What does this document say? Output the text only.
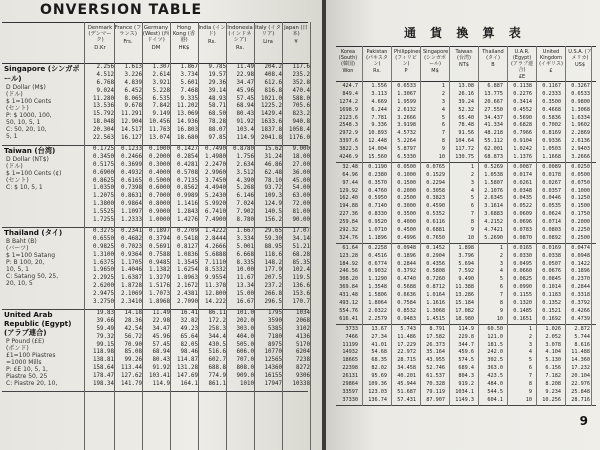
ONVERSION TABLE
Denmark (デンマーク)
D.Kr
France (フランス)
Frs.
Germany (West) (西ドイツ)
DM
Hong Kong (香港)
HK$
India (インド)
Rs.
Indonesia (インドネシア)
Rs.
Italy (イタリア)
Lira
Japan (日本)
¥
Singapore (シンガポール)
D Dollar (M$)
(ドル)
$ 1=100 Cents
(セント)
P: $ 1000, 100,
50, 10, 5, 1
C: 50, 20, 10,
5, 1
2.256	1.613	1.307	1.867	9.785	11.49	204.2	117.6
4.512	3.226	2.614	3.734	19.57	22.98	408.4	235.2
6.768	4.839	3.921	5.601	29.36	34.47	612.6	352.8
9.024	6.452	5.228	7.468	39.14	45.96	816.8	470.4
11.280	8.065	6.535	9.335	48.93	57.45	1021.0	588.0
13.536	9.678	7.842	11.202	58.71	68.94	1225.2	705.6
15.792	11.291	9.149	13.069	68.50	80.43	1429.4	823.2
18.048	12.904	10.456	14.936	78.28	91.92	1633.6	940.8
20.304	14.517	11.763	16.803	88.07	103.4	1837.8	1058.4
22.563	16.127	13.074	18.680	97.85	114.9	2041.8	1176.0
Taiwan (台湾)
D Dollar (NT$)
(ドル)
$ 1=100 Cents (¢)
(セント)
C: $ 10, 5, 1
0.1725	0.1233	0.1000	0.1427	0.7490	0.8780	15.62	9.000
0.3450	0.2466	0.2000	0.2854	1.4980	1.756	31.24	18.00
0.5175	0.3699	0.3000	0.4281	2.2470	2.634	46.86	27.00
0.6900	0.4932	0.4000	0.5708	2.9960	3.512	62.48	36.00
0.8625	0.6165	0.5000	0.7135	3.7450	4.390	78.10	45.00
1.0350	0.7398	0.6000	0.8562	4.4940	5.268	93.72	54.00
1.2075	0.8631	0.7000	0.9989	5.2430	6.146	109.3	63.00
1.3800	0.9864	0.8000	1.1416	5.9920	7.024	124.9	72.00
1.5525	1.1097	0.9000	1.2843	6.7410	7.902	140.5	81.00
1.7255	1.2333	1.0000	1.4276	7.4900	8.780	156.2	90.00
Thailand (タイ)
B Baht (B)
(バーツ)
$ 1=100 Satang
P: B 100, 20,
10, 5, 1
C: Satang 50, 25,
20, 10, 5
0.3275	0.2341	0.1897	0.2709	1.4222	1.667	29.65	17.07
0.6550	0.4682	0.3794	0.5418	2.8444	3.334	59.30	34.14
0.9825	0.7023	0.5691	0.8127	4.2666	5.001	88.95	51.21
1.3100	0.9364	0.7588	1.0836	5.6888	6.668	118.6	68.28
1.6375	1.1705	0.9485	1.3545	7.1110	8.335	148.2	85.35
1.9650	1.4046	1.1382	1.6254	8.5332	10.00	177.9	102.4
2.2925	1.6387	1.3279	1.8963	9.9554	11.67	207.5	119.5
2.6200	1.8728	1.5176	2.1672	11.378	13.34	237.2	136.6
2.9475	2.1069	1.7073	2.4381	12.800	15.00	266.8	153.6
3.2750	2.3410	1.8968	2.7090	14.222	16.67	296.5	170.7
United Arab Republic (Egypt) (アラブ連合)
P Pound (£E)
(ポンド)
£1=100 Piastres
=1000 Mills
P: £E 10, 5, 1,
Piastre 50, 25
C: Piastre 20, 10,
19.83	14.18	11.49	16.41	86.11	101.0	1795	1034
39.66	28.36	22.98	32.82	172.2	202.0	3590	2068
59.49	42.54	34.47	49.23	258.3	303.0	5385	3102
79.32	56.72	45.96	65.64	344.4	404.0	7180	4136
99.15	70.90	57.45	82.05	430.5	505.0	8975	5170
118.98	85.08	68.94	98.46	516.6	606.0	10770	6204
138.81	99.26	80.43	114.87	602.7	707.0	12565	7238
158.64	113.44	91.92	131.28	688.8	808.0	14360	8272
178.47	127.62	103.41	147.69	774.9	909.0	16155	9306
198.34	141.79	114.9	164.1	861.1	1010	17947	10338
通 貨 換 算 表
Korea (South) (韓国)
Won
Pakistan (パキスタン)
Rs.
Philippines (フィリピン)
P
Singapore (シンガポール)
M$
Taiwan (台湾)
NT$
Thailand (タイ)
B
U.A.R. (Egypt) (アラブ連合)
£E
United Kingdom (イギリス)
£
U.S.A. (アメリカ)
US$
424.7	1.556	0.6533	1	13.08	6.887	0.1138	0.1167	0.3267
849.4	3.113	1.3067	2	26.16	13.775	0.2276	0.2333	0.6533
1274.2	4.669	1.9599	3	39.24	20.667	0.3414	0.3500	0.9800
1698.9	6.244	2.6132	4	52.32	27.550	0.4552	0.4668	1.3068
2123.6	7.781	3.2666	5	65.40	34.437	0.5690	0.5836	1.6334
2548.3	9.336	3.9198	6	78.48	41.334	0.6828	0.7002	1.9602
2972.9	10.893	4.5732	7	91.56	48.218	0.7966	0.8169	2.2869
3397.6	12.448	5.2264	8	104.64	55.112	0.9104	0.9336	2.6136
3822.3	14.004	5.8797	9	117.72	62.001	1.0242	1.0503	2.9403
4246.9	15.560	6.5330	10	130.75	68.873	1.1376	1.1668	3.2666
32.48	0.1190	0.0500	0.0765	1	0.5269	0.0087	0.0089	0.0250
64.96	0.2380	0.1000	0.1529	2	1.0538	0.0174	0.0178	0.0500
97.44	0.3570	0.1500	0.2294	3	1.5807	0.0261	0.0267	0.0750
129.92	0.4760	0.2000	0.3058	4	2.1076	0.0348	0.0357	0.1000
162.40	0.5950	0.2500	0.3823	5	2.6345	0.0435	0.0446	0.1250
194.88	0.7140	0.3000	0.4590	6	3.1614	0.0522	0.0535	0.1500
227.36	0.8330	0.3500	0.5352	7	3.6883	0.0609	0.0624	0.1750
259.84	0.9520	0.4000	0.6116	8	4.2152	0.0696	0.0714	0.2000
292.32	1.0710	0.4500	0.6881	9	4.7421	0.0783	0.0803	0.2250
324.76	1.1896	0.4996	0.7650	10	5.2690	0.0870	0.0892	0.2500
61.64	0.2258	0.0948	0.1452	1.898	1	0.0165	0.0169	0.0474
123.28	0.4516	0.1896	0.2904	3.796	2	0.0330	0.0338	0.0948
184.92	0.6774	0.2844	0.4356	5.694	3	0.0495	0.0507	0.1422
246.56	0.9032	0.3792	0.5808	7.592	4	0.0660	0.0676	0.1896
308.20	1.1290	0.4740	0.7260	9.490	5	0.0825	0.0845	0.2370
369.84	1.3548	0.5688	0.8712	11.388	6	0.0990	0.1014	0.2844
431.48	1.5806	0.6636	1.0164	13.286	7	0.1155	0.1183	0.3318
493.12	1.8064	0.7584	1.1616	15.184	8	0.1320	0.1352	0.3792
554.76	2.0322	0.8532	1.3068	17.082	9	0.1485	0.1521	0.4266
616.41	2.2579	0.9483	1.4515	18.980	10	0.1651	0.1692	0.4739
3733	13.67	5.743	8.791	114.9	60.50	1	1.026	2.872
7466	27.34	11.486	17.582	229.8	121.0	2	2.052	5.744
11199	41.01	17.229	26.373	344.7	181.5	3	3.078	8.616
14932	54.68	22.972	35.164	459.6	242.0	4	4.104	11.488
18665	68.35	28.715	43.955	574.5	302.5	5	5.130	14.360
22398	82.02	34.458	52.746	689.4	363.0	6	6.156	17.232
26131	95.69	40.201	61.537	804.3	423.5	7	7.182	20.104
29864	109.36	45.944	70.328	919.2	484.0	8	8.208	22.976
33597	123.03	51.687	79.119	1034.1	544.5	9	9.234	25.848
37330	136.74	57.431	87.907	1149.3	604.1	10	10.256	28.716
9
